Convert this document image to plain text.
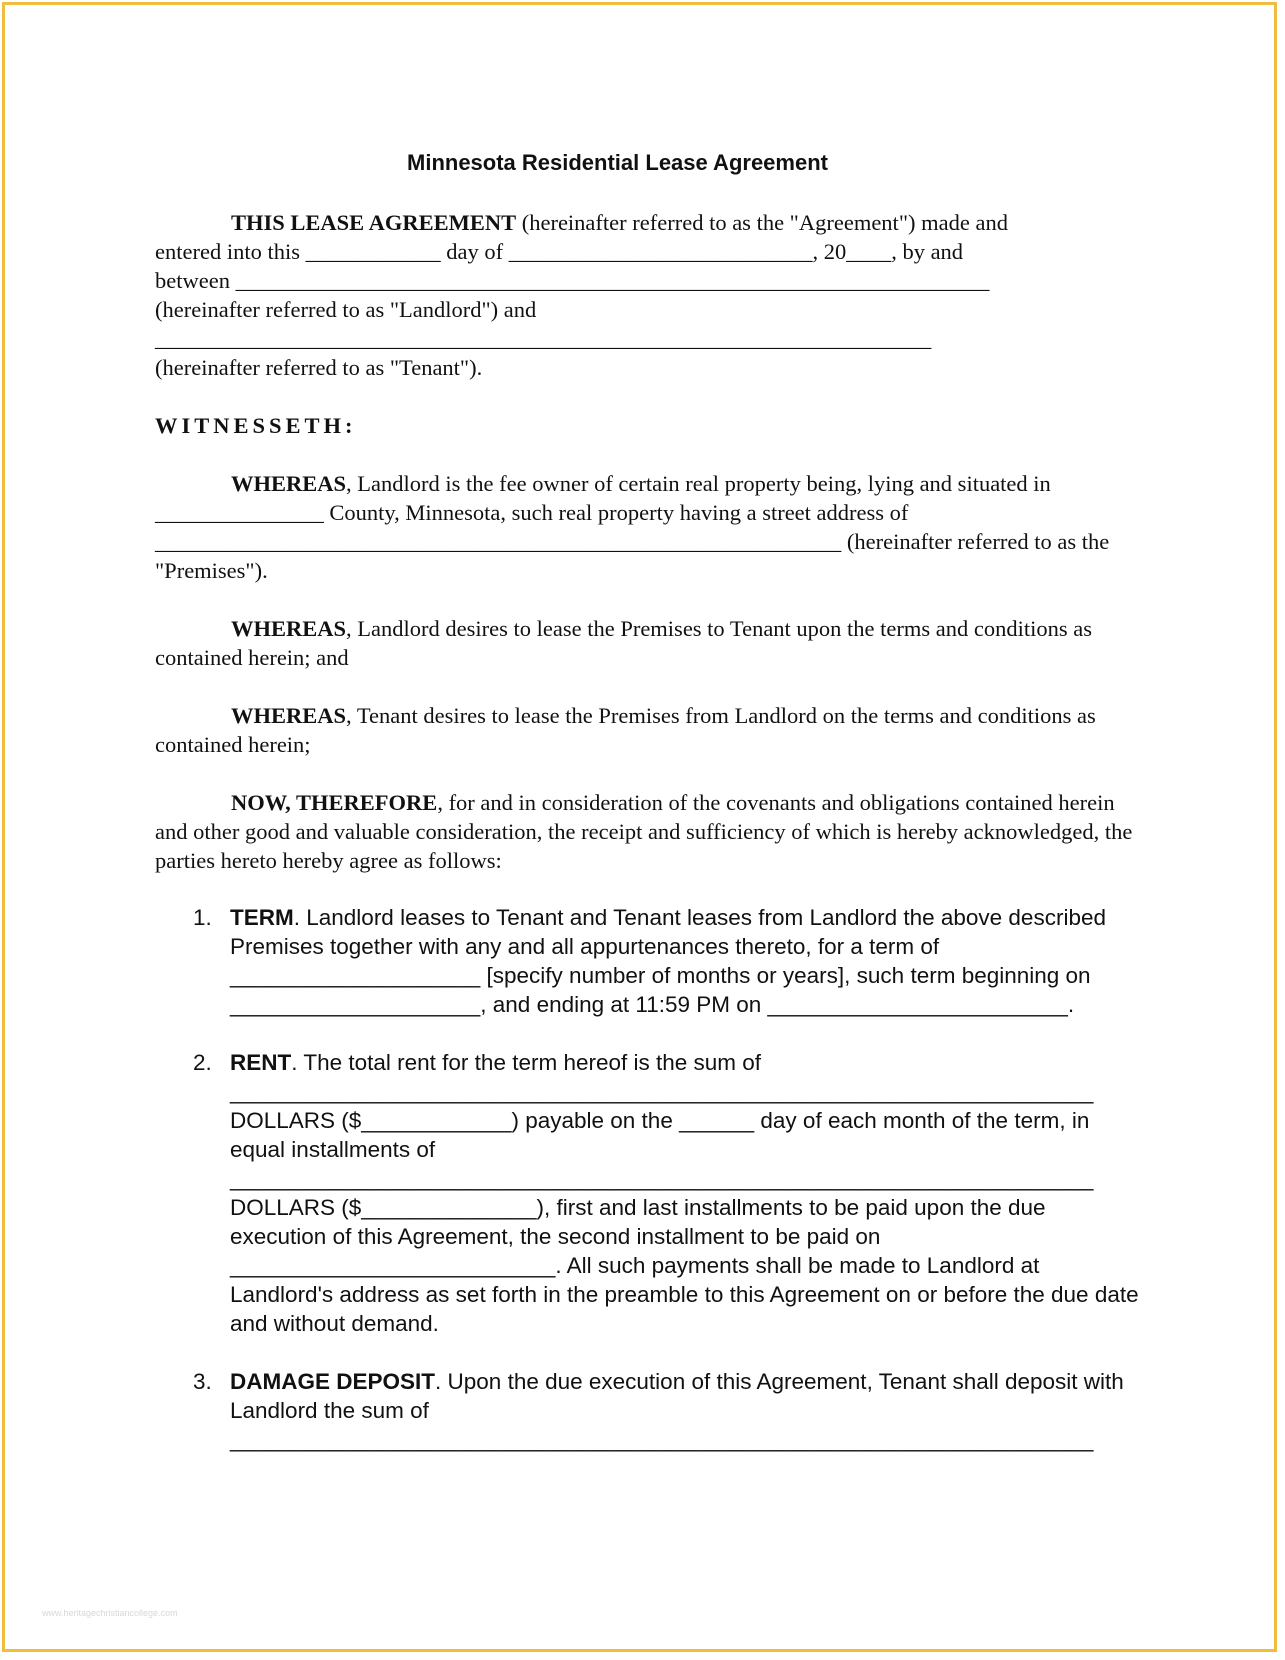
Minnesota Residential Lease Agreement

THIS LEASE AGREEMENT (hereinafter referred to as the "Agreement") made and

entered into this ____________ day of ___________________________, 20____, by and

between ___________________________________________________________________

(hereinafter referred to as "Landlord") and

_____________________________________________________________________

(hereinafter referred to as "Tenant").

WITNESSETH:

WHEREAS, Landlord is the fee owner of certain real property being, lying and situated in _______________ County, Minnesota, such real property having a street address of _____________________________________________________________ (hereinafter referred to as the "Premises").

WHEREAS, Landlord desires to lease the Premises to Tenant upon the terms and conditions as contained herein; and

WHEREAS, Tenant desires to lease the Premises from Landlord on the terms and conditions as contained herein;

NOW, THEREFORE, for and in consideration of the covenants and obligations contained herein and other good and valuable consideration, the receipt and sufficiency of which is hereby acknowledged, the parties hereto hereby agree as follows:

1. TERM. Landlord leases to Tenant and Tenant leases from Landlord the above described Premises together with any and all appurtenances thereto, for a term of ____________________ [specify number of months or years], such term beginning on ____________________, and ending at 11:59 PM on ________________________.

2. RENT. The total rent for the term hereof is the sum of

_____________________________________________________________________

DOLLARS ($____________) payable on the ______ day of each month of the term, in equal installments of

_____________________________________________________________________

DOLLARS ($______________), first and last installments to be paid upon the due execution of this Agreement, the second installment to be paid on __________________________. All such payments shall be made to Landlord at Landlord's address as set forth in the preamble to this Agreement on or before the due date and without demand.

3. DAMAGE DEPOSIT. Upon the due execution of this Agreement, Tenant shall deposit with Landlord the sum of

_____________________________________________________________________

www.heritagechristiancollege.com
